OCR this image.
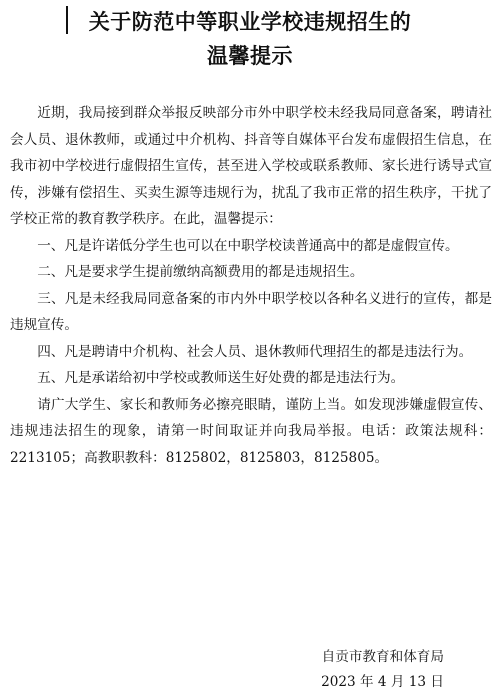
关于防范中等职业学校违规招生的
温馨提示

近期，我局接到群众举报反映部分市外中职学校未经我局同意备案，聘请社会人员、退休教师，或通过中介机构、抖音等自媒体平台发布虚假招生信息，在我市初中学校进行虚假招生宣传，甚至进入学校或联系教师、家长进行诱导式宣传，涉嫌有偿招生、买卖生源等违规行为，扰乱了我市正常的招生秩序，干扰了学校正常的教育教学秩序。在此，温馨提示：

一、凡是许诺低分学生也可以在中职学校读普通高中的都是虚假宣传。

二、凡是要求学生提前缴纳高额费用的都是违规招生。

三、凡是未经我局同意备案的市内外中职学校以各种名义进行的宣传，都是违规宣传。

四、凡是聘请中介机构、社会人员、退休教师代理招生的都是违法行为。

五、凡是承诺给初中学校或教师送生好处费的都是违法行为。

请广大学生、家长和教师务必擦亮眼睛，谨防上当。如发现涉嫌虚假宣传、违规违法招生的现象，请第一时间取证并向我局举报。电话：政策法规科：2213105；高教职教科：8125802，8125803，8125805。

自贡市教育和体育局

2023 年 4 月 13 日
